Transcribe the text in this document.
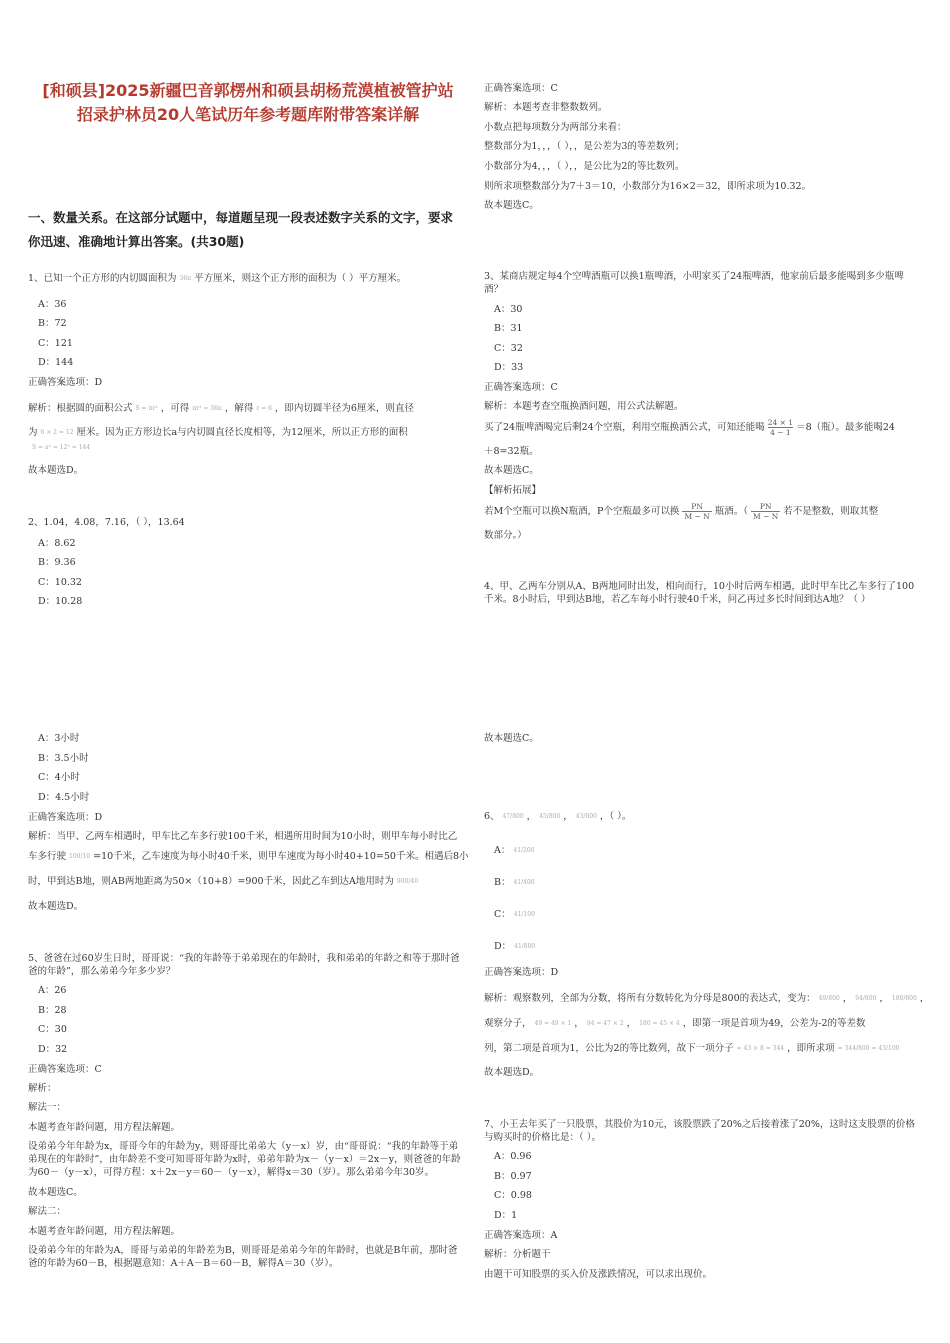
[和硕县]2025新疆巴音郭楞州和硕县胡杨荒漠植被管护站
招录护林员20人笔试历年参考题库附带答案详解
一、数量关系。在这部分试题中，每道题呈现一段表述数字关系的文字，要求
你迅速、准确地计算出答案。(共30题)
1、已知一个正方形的内切圆面积为 36π 平方厘米，则这个正方形的面积为（ ）平方厘米。
A：36
B：72
C：121
D：144
正确答案选项：D
解析：根据圆的面积公式 S = πr² ，可得 πr² = 36π ，解得 r = 6 ，即内切圆半径为6厘米，则直径
为 6 × 2 = 12 厘米。因为正方形边长a与内切圆直径长度相等，为12厘米，所以正方形的面积
S = a² = 12² = 144
故本题选D。
2、1.04，4.08，7.16，（ ），13.64
A：8.62
B：9.36
C：10.32
D：10.28
A：3小时
B：3.5小时
C：4小时
D：4.5小时
正确答案选项：D
解析：当甲、乙两车相遇时，甲车比乙车多行驶100千米，相遇所用时间为10小时，则甲车每小时比乙
车多行驶 100/10 =10千米，乙车速度为每小时40千米，则甲车速度为每小时40+10=50千米。相遇后8小
时，甲到达B地，则AB两地距离为50×（10+8）=900千米，因此乙车到达A地用时为 900/40
故本题选D。
5、爸爸在过60岁生日时，哥哥说：“我的年龄等于弟弟现在的年龄时，我和弟弟的年龄之和等于那时爸
爸的年龄”，那么弟弟今年多少岁？
A：26
B：28
C：30
D：32
正确答案选项：C
解析：
解法一：
本题考查年龄问题，用方程法解题。
设弟弟今年年龄为x，哥哥今年的年龄为y，则哥哥比弟弟大（y－x）岁，由“哥哥说：“我的年龄等于弟
弟现在的年龄时”，由年龄差不变可知哥哥年龄为x时，弟弟年龄为x－（y－x）＝2x－y，则爸爸的年龄
为60－（y－x），可得方程：x＋2x－y＝60－（y－x），解得x＝30（岁）。那么弟弟今年30岁。
故本题选C。
解法二：
本题考查年龄问题，用方程法解题。
设弟弟今年的年龄为A，哥哥与弟弟的年龄差为B，则哥哥是弟弟今年的年龄时，也就是B年前，那时爸
爸的年龄为60－B，根据题意知：A＋A－B＝60－B，解得A＝30（岁）。
正确答案选项：C
解析：本题考查非整数数列。
小数点把每项数分为两部分来看：
整数部分为1，，，（ ），，是公差为3的等差数列；
小数部分为4，，，（ ），，是公比为2的等比数列。
则所求项整数部分为7＋3＝10，小数部分为16×2＝32，即所求项为10.32。
故本题选C。
3、某商店规定每4个空啤酒瓶可以换1瓶啤酒，小明家买了24瓶啤酒，他家前后最多能喝到多少瓶啤
酒？
A：30
B：31
C：32
D：33
正确答案选项：C
解析：本题考查空瓶换酒问题，用公式法解题。
买了24瓶啤酒喝完后剩24个空瓶，利用空瓶换酒公式，可知还能喝 $\frac{24 \times 1}{4 - 1} =8$（瓶）。最多能喝24
＋8=32瓶。
故本题选C。
【解析拓展】
若M个空瓶可以换N瓶酒，P个空瓶最多可以换 $\frac{PN}{M - N}$ 瓶酒。（ $\frac{PN}{M - N}$ 若不是整数，则取其整
数部分。）
4、甲、乙两车分别从A、B两地同时出发，相向而行，10小时后两车相遇，此时甲车比乙车多行了100
千米。8小时后，甲到达B地，若乙车每小时行驶40千米，问乙再过多长时间到达A地？（ ）
故本题选C。
6、 47/800 ， 45/800 ， 43/800 ，（ ）。
A： 41/200
B： 41/400
C： 41/100
D： 41/800
正确答案选项：D
解析：观察数列，全部为分数，将所有分数转化为分母是800的表达式，变为： 49/800 ， 94/800 ， 180/800 ，
观察分子， 49 = 49 × 1 ， 94 = 47 × 2 ， 180 = 45 × 4 ，即第一项是首项为49，公差为-2的等差数
列，第二项是首项为1，公比为2的等比数列，故下一项分子 = 43 × 8 = 344 ，即所求项 = 344/800 = 43/100
故本题选D。
7、小王去年买了一只股票，其股价为10元，该股票跌了20%之后接着涨了20%，这时这支股票的价格
与购买时的价格比是：（ ）。
A：0.96
B：0.97
C：0.98
D：1
正确答案选项：A
解析：分析题干
由题干可知股票的买入价及涨跌情况，可以求出现价。
